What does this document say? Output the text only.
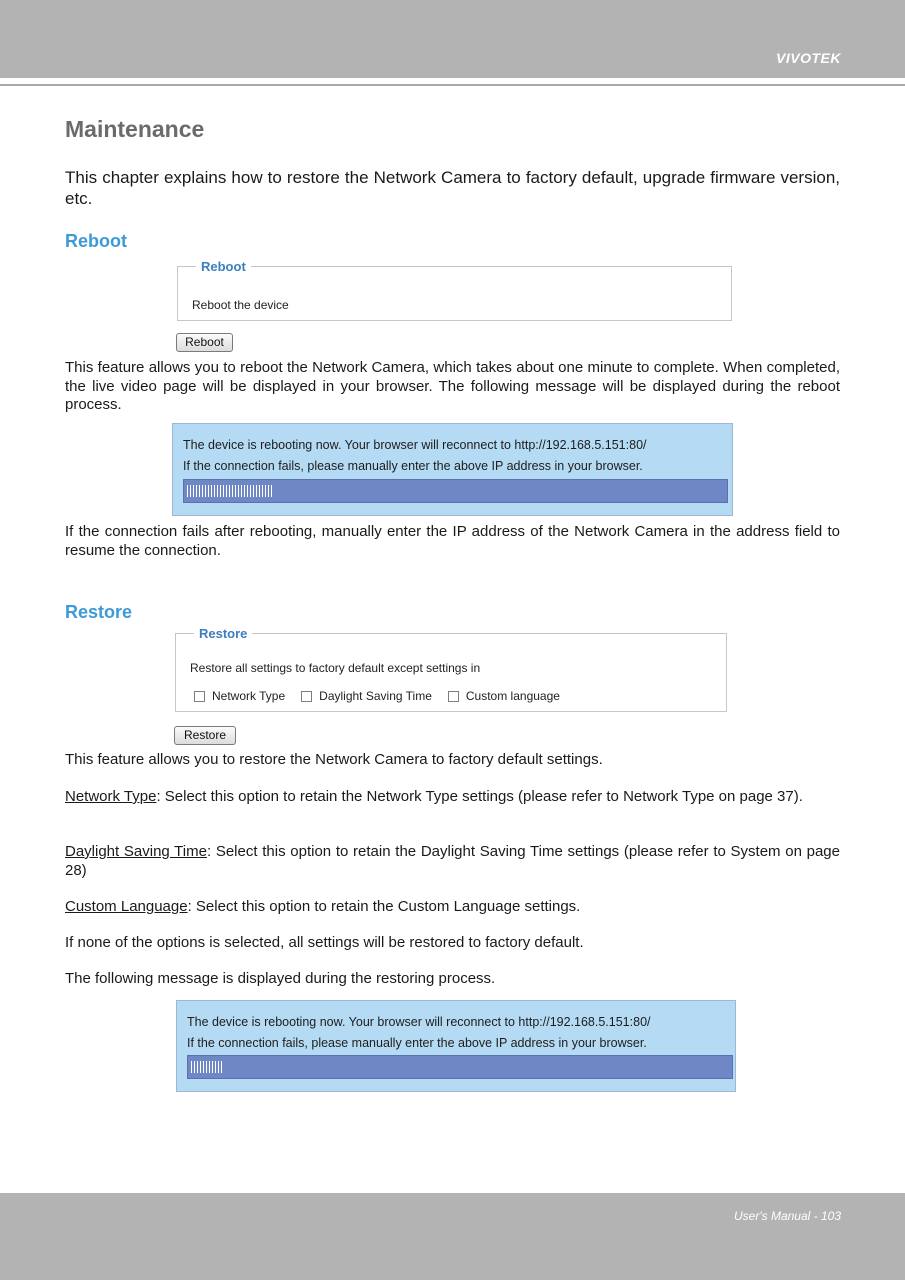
VIVOTEK
Maintenance

This chapter explains how to restore the Network Camera to factory default, upgrade firmware version, etc.

Reboot
Reboot
Reboot the device
Reboot

This feature allows you to reboot the Network Camera, which takes about one minute to complete. When completed, the live video page will be displayed in your browser. The following message will be displayed during the reboot process.

The device is rebooting now. Your browser will reconnect to http://192.168.5.151:80/
If the connection fails, please manually enter the above IP address in your browser.

If the connection fails after rebooting, manually enter the IP address of the Network Camera in the address field to resume the connection.

Restore
Restore
Restore all settings to factory default except settings in
Network Type	Daylight Saving Time	Custom language
Restore

This feature allows you to restore the Network Camera to factory default settings.

Network Type: Select this option to retain the Network Type settings (please refer to Network Type on page 37).

Daylight Saving Time: Select this option to retain the Daylight Saving Time settings (please refer to System on page 28)

Custom Language: Select this option to retain the Custom Language settings.

If none of the options is selected, all settings will be restored to factory default.

The following message is displayed during the restoring process.

The device is rebooting now. Your browser will reconnect to http://192.168.5.151:80/
If the connection fails, please manually enter the above IP address in your browser.
User's Manual - 103
